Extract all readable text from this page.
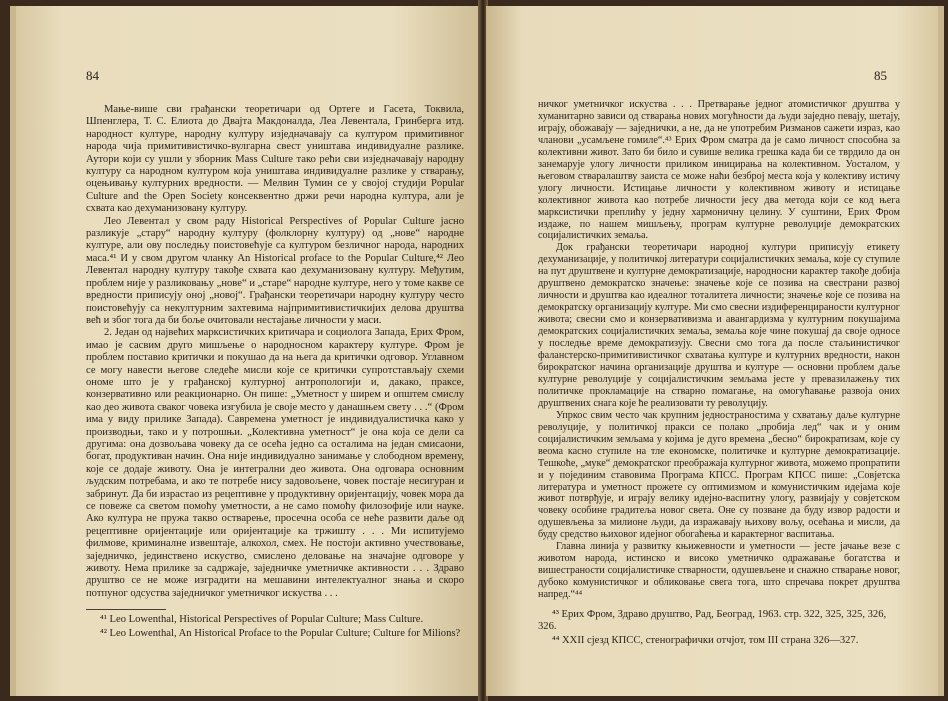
84

Мање-више сви грађански теоретичари од Ортеге и Гасета, Токвила, Шпенглера, Т. С. Елиота до Двајта Макдоналда, Леа Левентала, Гринберга итд. народност културе, народну културу изједначавају са културом примитивног народа чија примитивистичко-вулгарна свест уништава индивидуалне разлике. Аутори који су ушли у зборник Mass Culture тако рећи сви изједначавају народну културу са народном културом која уништава индивидуалне разлике у стварању, оцењивању културних вредности. — Мелвин Тумин се у својој студији Popular Culture and the Open Society консеквентно држи речи народна култура, али је схвата као дехуманизовану културу.

Лео Левентал у свом раду Historical Perspectives of Popular Culture јасно разликује „стару“ народну културу (фолклорну културу) од „нове“ народне културе, али ову последњу поистовећује са културом безличног народа, народних маса.⁴¹ И у свом другом чланку An Historical proface to the Popular Culture,⁴² Лео Левентал народну културу такође схвата као дехуманизовану културу. Међутим, проблем није у разликовању „нове“ и „старе“ народне културе, него у томе какве се вредности приписују оној „новој“. Грађански теоретичари народну културу често поистовећују са некултурним захтевима најпримитивистичкијих делова друштва већ и због тога да би боље очитовали нестајање личности у маси.

2. Један од највећих марксистичких критичара и социолога Запада, Ерих Фром, имао је сасвим друго мишљење о народносном карактеру културе. Фром је проблем поставио критички и покушао да на њега да критички одговор. Углавном се могу навести његове следеће мисли које се критички супротстављају схеми ономе што је у грађанској културној антропологији и, дакако, праксе, конзервативно или реакционарно. Он пише: „Уметност у ширем и општем смислу као део живота сваког човека изгубила је своје место у данашњем свету . . .“ (Фром има у виду прилике Запада). Савремена уметност је индивидуалистичка како у производњи, тако и у потрошњи. „Колективна уметност“ је она која се дели са другима: она дозвољава човеку да се осећа једно са осталима на један смисаони, богат, продуктиван начин. Она није индивидуално занимање у слободном времену, које се додаје животу. Она је интегрални део живота. Она одговара основним људским потребама, и ако те потребе нису задовољене, човек постаје несигуран и забринут. Да би израстао из рецептивне у продуктивну оријентацију, човек мора да се повеже са светом помоћу уметности, а не само помоћу филозофије или науке. Ако култура не пружа такво остварење, просечна особа се неће развити даље од рецептивне оријентације или оријентације ка тржишту . . . Ми испитујемо филмове, криминалне извештаје, алкохол, смех. Не постоји активно учествовање, заједничко, јединствено искуство, смислено деловање на значајне одговоре у животу. Нема прилике за садржаје, заједничке уметничке активности . . . Здраво друштво се не може изградити на мешавини интелектуалног знања и скоро потпуног одсуства заједничког уметничког искуства . . .

⁴¹ Leo Lowenthal, Historical Perspectives of Popular Culture; Mass Culture.

⁴² Leo Lowenthal, An Historical Proface to the Popular Culture; Culture for Milions?

85

ничког уметничког искуства . . . Претварање једног атомистичког друштва у хуманитарно зависи од стварања нових могућности да људи заједно певају, шетају, играју, обожавају — заједнички, а не, да не употребим Ризманов сажети израз, као чланови „усамљене гомиле“.⁴³ Ерих Фром сматра да је само личност способна за колективни живот. Зато би било и сувише велика грешка када би се тврдило да он занемарује улогу личности приликом иницирања на колективном. Уосталом, у његовом стваралаштву заиста се може наћи безброј места која у колективу истичу улогу личности. Истицање личности у колективном животу и истицање колективног живота као потребе личности јесу два метода који се код њега марксистички преплићу у једну хармоничну целину. У суштини, Ерих Фром издаже, по нашем мишљењу, програм културне револуције демократских социјалистичких земаља.

Док грађански теоретичари народној култури приписују етикету дехуманизације, у политичкој литератури социјалистичких земаља, које су ступиле на пут друштвене и културне демократизације, народносни карактер такође добија друштвено демократско значење: значење које се позива на свестрани развој личности и друштва као идеалног тоталитета личности; значење које се позива на демократску организацију културе. Ми смо свесни издиференцираности културног живота; свесни смо и конзервативизма и авангардизма у културним покушајима демократских социјалистичких земаља, земаља које чине покушај да своје односе у последње време демократизују. Свесни смо тога да после стаљинистичког фаланстерско-примитивистичког схватања културе и културних вредности, након бирократског начина организације друштва и културе — основни проблем даље културне револуције у социјалистичким земљама јесте у превазилажењу тих политичке прокламације на стварно помагање, на омогућавање развоја оних друштвених снага које ће реализовати ту револуцију.

Упркос свим често чак крупним једностраностима у схватању даље културне револуције, у политичкој пракси се полако „пробија лед“ чак и у оним социјалистичким земљама у којима је дуго времена „бесно“ бирократизам, које су веома касно ступиле на тле економске, политичке и културне демократизације. Тешкоће, „муке“ демократског преображаја културног живота, можемо пропратити и у појединим ставовима Програма КПСС. Програм КПСС пише: „Совјетска литература и уметност прожете су оптимизмом и комунистичким идејама које живот потврђује, и играју велику идејно-васпитну улогу, развијају у совјетском човеку особине градитеља новог света. Оне су позване да буду извор радости и одушевљења за милионе људи, да изражавају њихову вољу, осећања и мисли, да буду средство њиховог идејног обогаћења и карактерног васпитања.

Главна линија у развитку књижевности и уметности — јесте јачање везе с животом народа, истинско и високо уметничко одражавање богатства и вишестраности социјалистичке стварности, одушевљене и снажно стварање новог, дубоко комунистичког и обликовање свега тога, што спречава покрет друштва напред.“⁴⁴

⁴³ Ерих Фром, Здраво друштво, Рад, Београд, 1963. стр. 322, 325, 325, 326, 326.

⁴⁴ XXII сјезд КПСС, стенографички отчјот, том III страна 326—327.
